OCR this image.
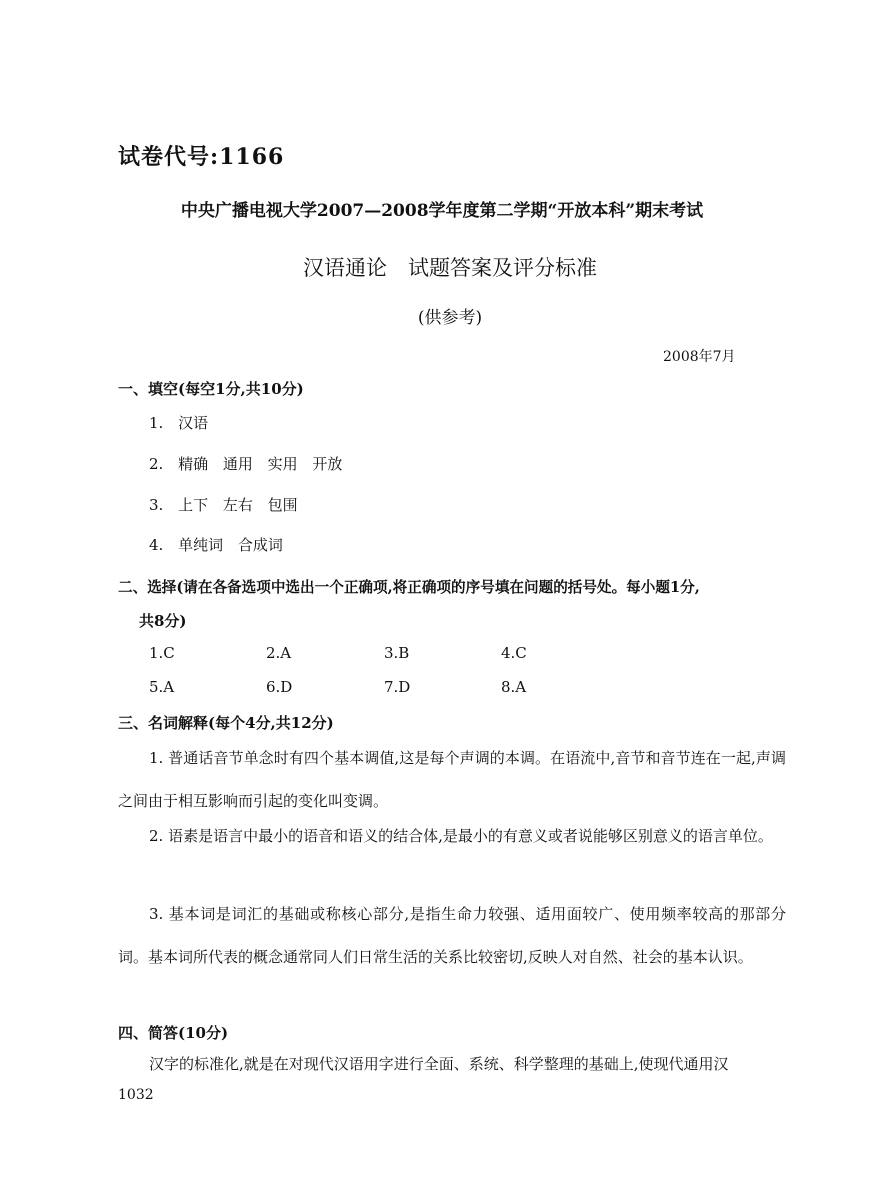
试卷代号:1166
中央广播电视大学2007—2008学年度第二学期“开放本科”期末考试
汉语通论　试题答案及评分标准
(供参考)
2008年7月
一、填空(每空1分,共10分)
1. 汉语
2. 精确 通用 实用 开放
3. 上下 左右 包围
4. 单纯词 合成词
二、选择(请在各备选项中选出一个正确项,将正确项的序号填在问题的括号处。每小题1分,
共8分)
1.C	2.A	3.B	4.C
5.A	6.D	7.D	8.A
三、名词解释(每个4分,共12分)
1. 普通话音节单念时有四个基本调值,这是每个声调的本调。在语流中,音节和音节连在一起,声调之间由于相互影响而引起的变化叫变调。
2. 语素是语言中最小的语音和语义的结合体,是最小的有意义或者说能够区别意义的语言单位。
3. 基本词是词汇的基础或称核心部分,是指生命力较强、适用面较广、使用频率较高的那部分词。基本词所代表的概念通常同人们日常生活的关系比较密切,反映人对自然、社会的基本认识。
四、简答(10分)
汉字的标准化,就是在对现代汉语用字进行全面、系统、科学整理的基础上,使现代通用汉
1032
